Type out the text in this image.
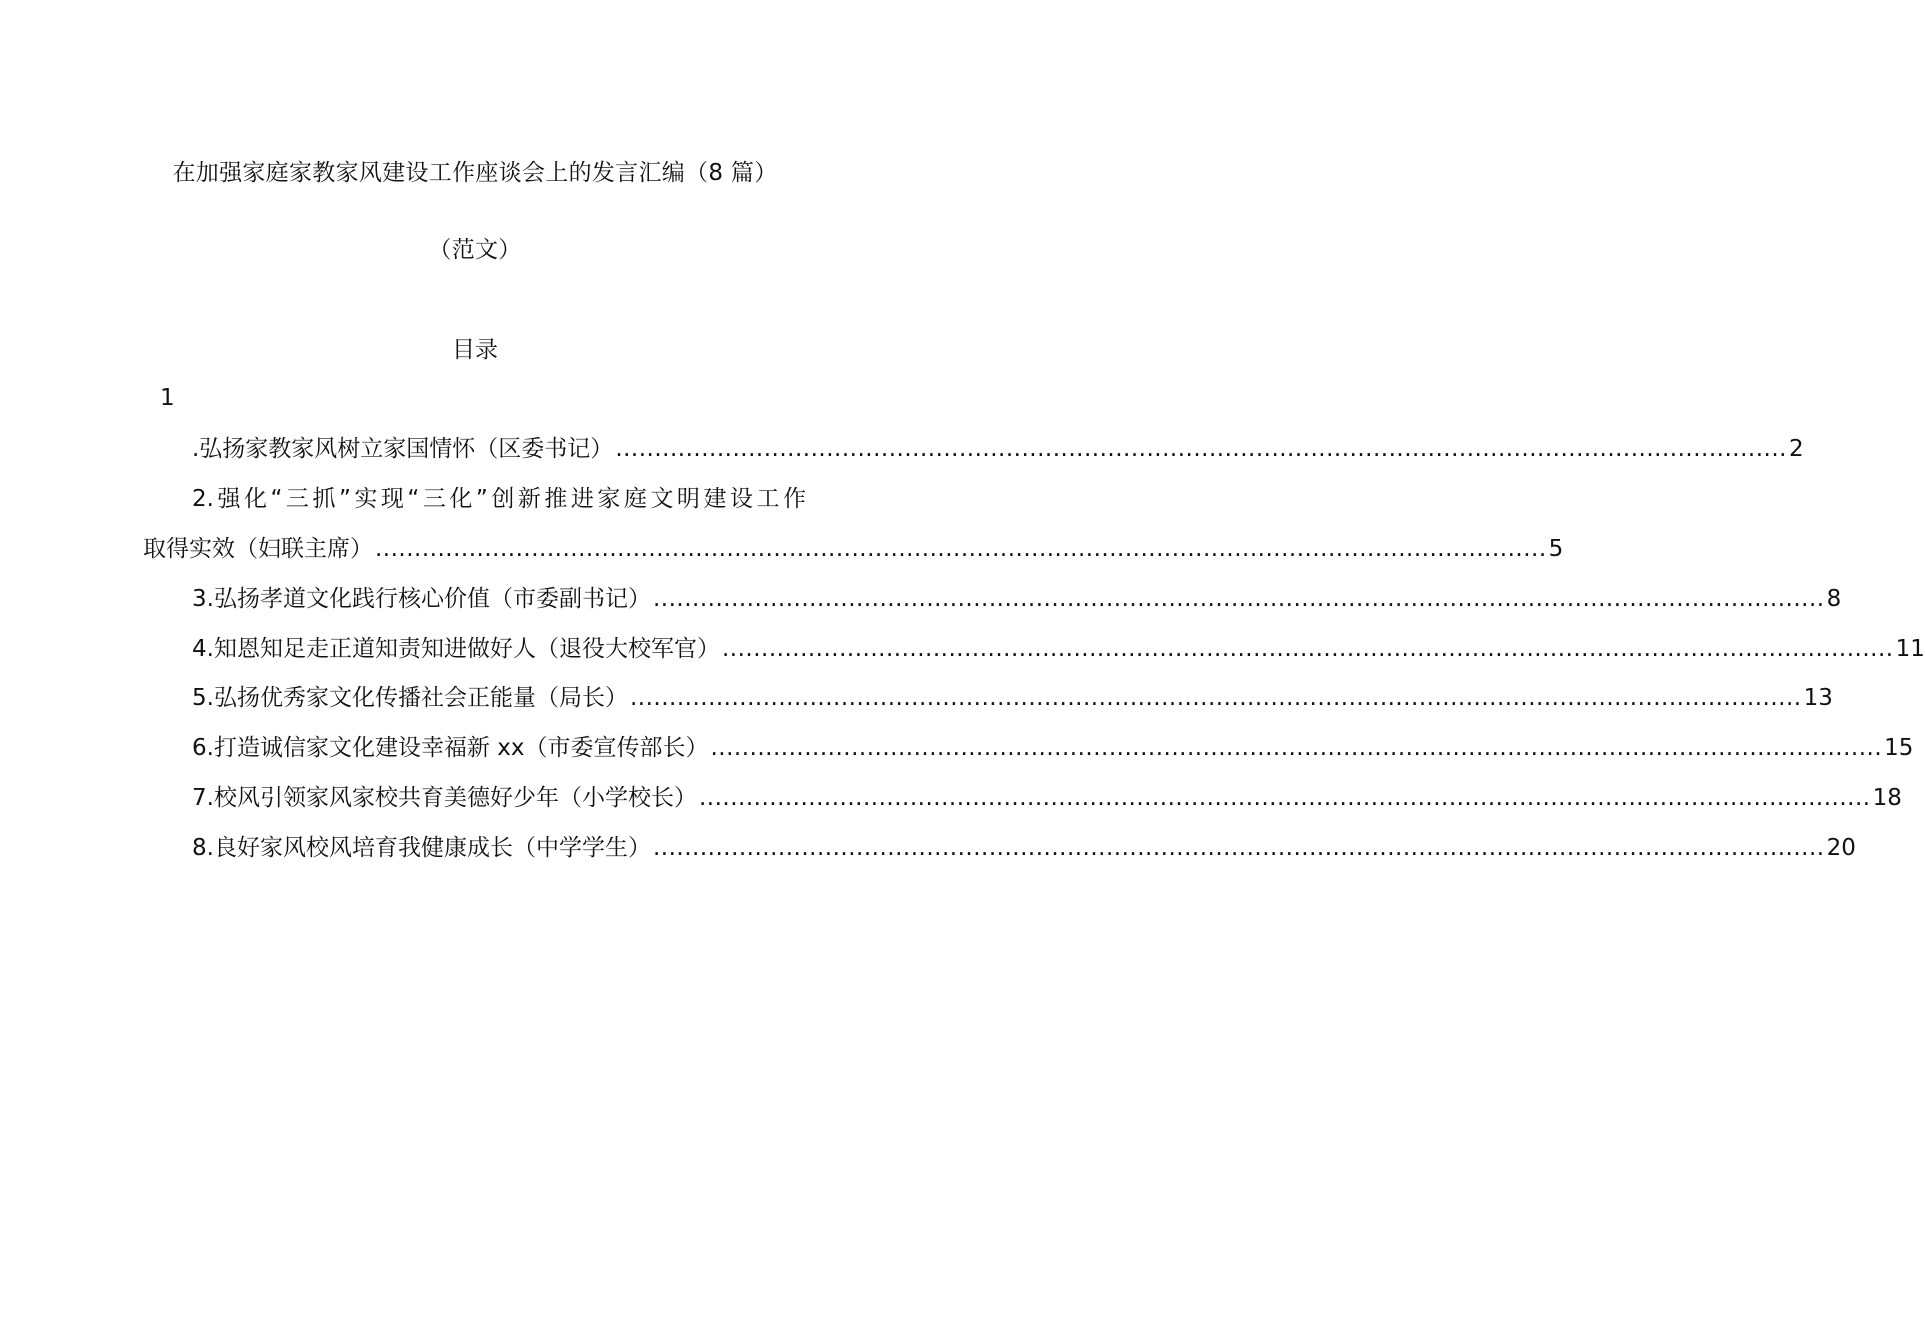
在加强家庭家教家风建设工作座谈会上的发言汇编（8 篇）
（范文）
目录
1
.弘扬家教家风树立家国情怀（区委书记） ...................................................................................................................................................... 2
2.强化“三抓”实现“三化”创新推进家庭文明建设工作
取得实效（妇联主席） ...................................................................................................................................................... 5
3.弘扬孝道文化践行核心价值（市委副书记） ...................................................................................................................................................... 8
4.知恩知足走正道知责知进做好人（退役大校军官） ...................................................................................................................................................... 11
5.弘扬优秀家文化传播社会正能量（局长） ...................................................................................................................................................... 13
6.打造诚信家文化建设幸福新 xx（市委宣传部长） ...................................................................................................................................................... 15
7.校风引领家风家校共育美德好少年（小学校长） ...................................................................................................................................................... 18
8.良好家风校风培育我健康成长（中学学生） ...................................................................................................................................................... 20
